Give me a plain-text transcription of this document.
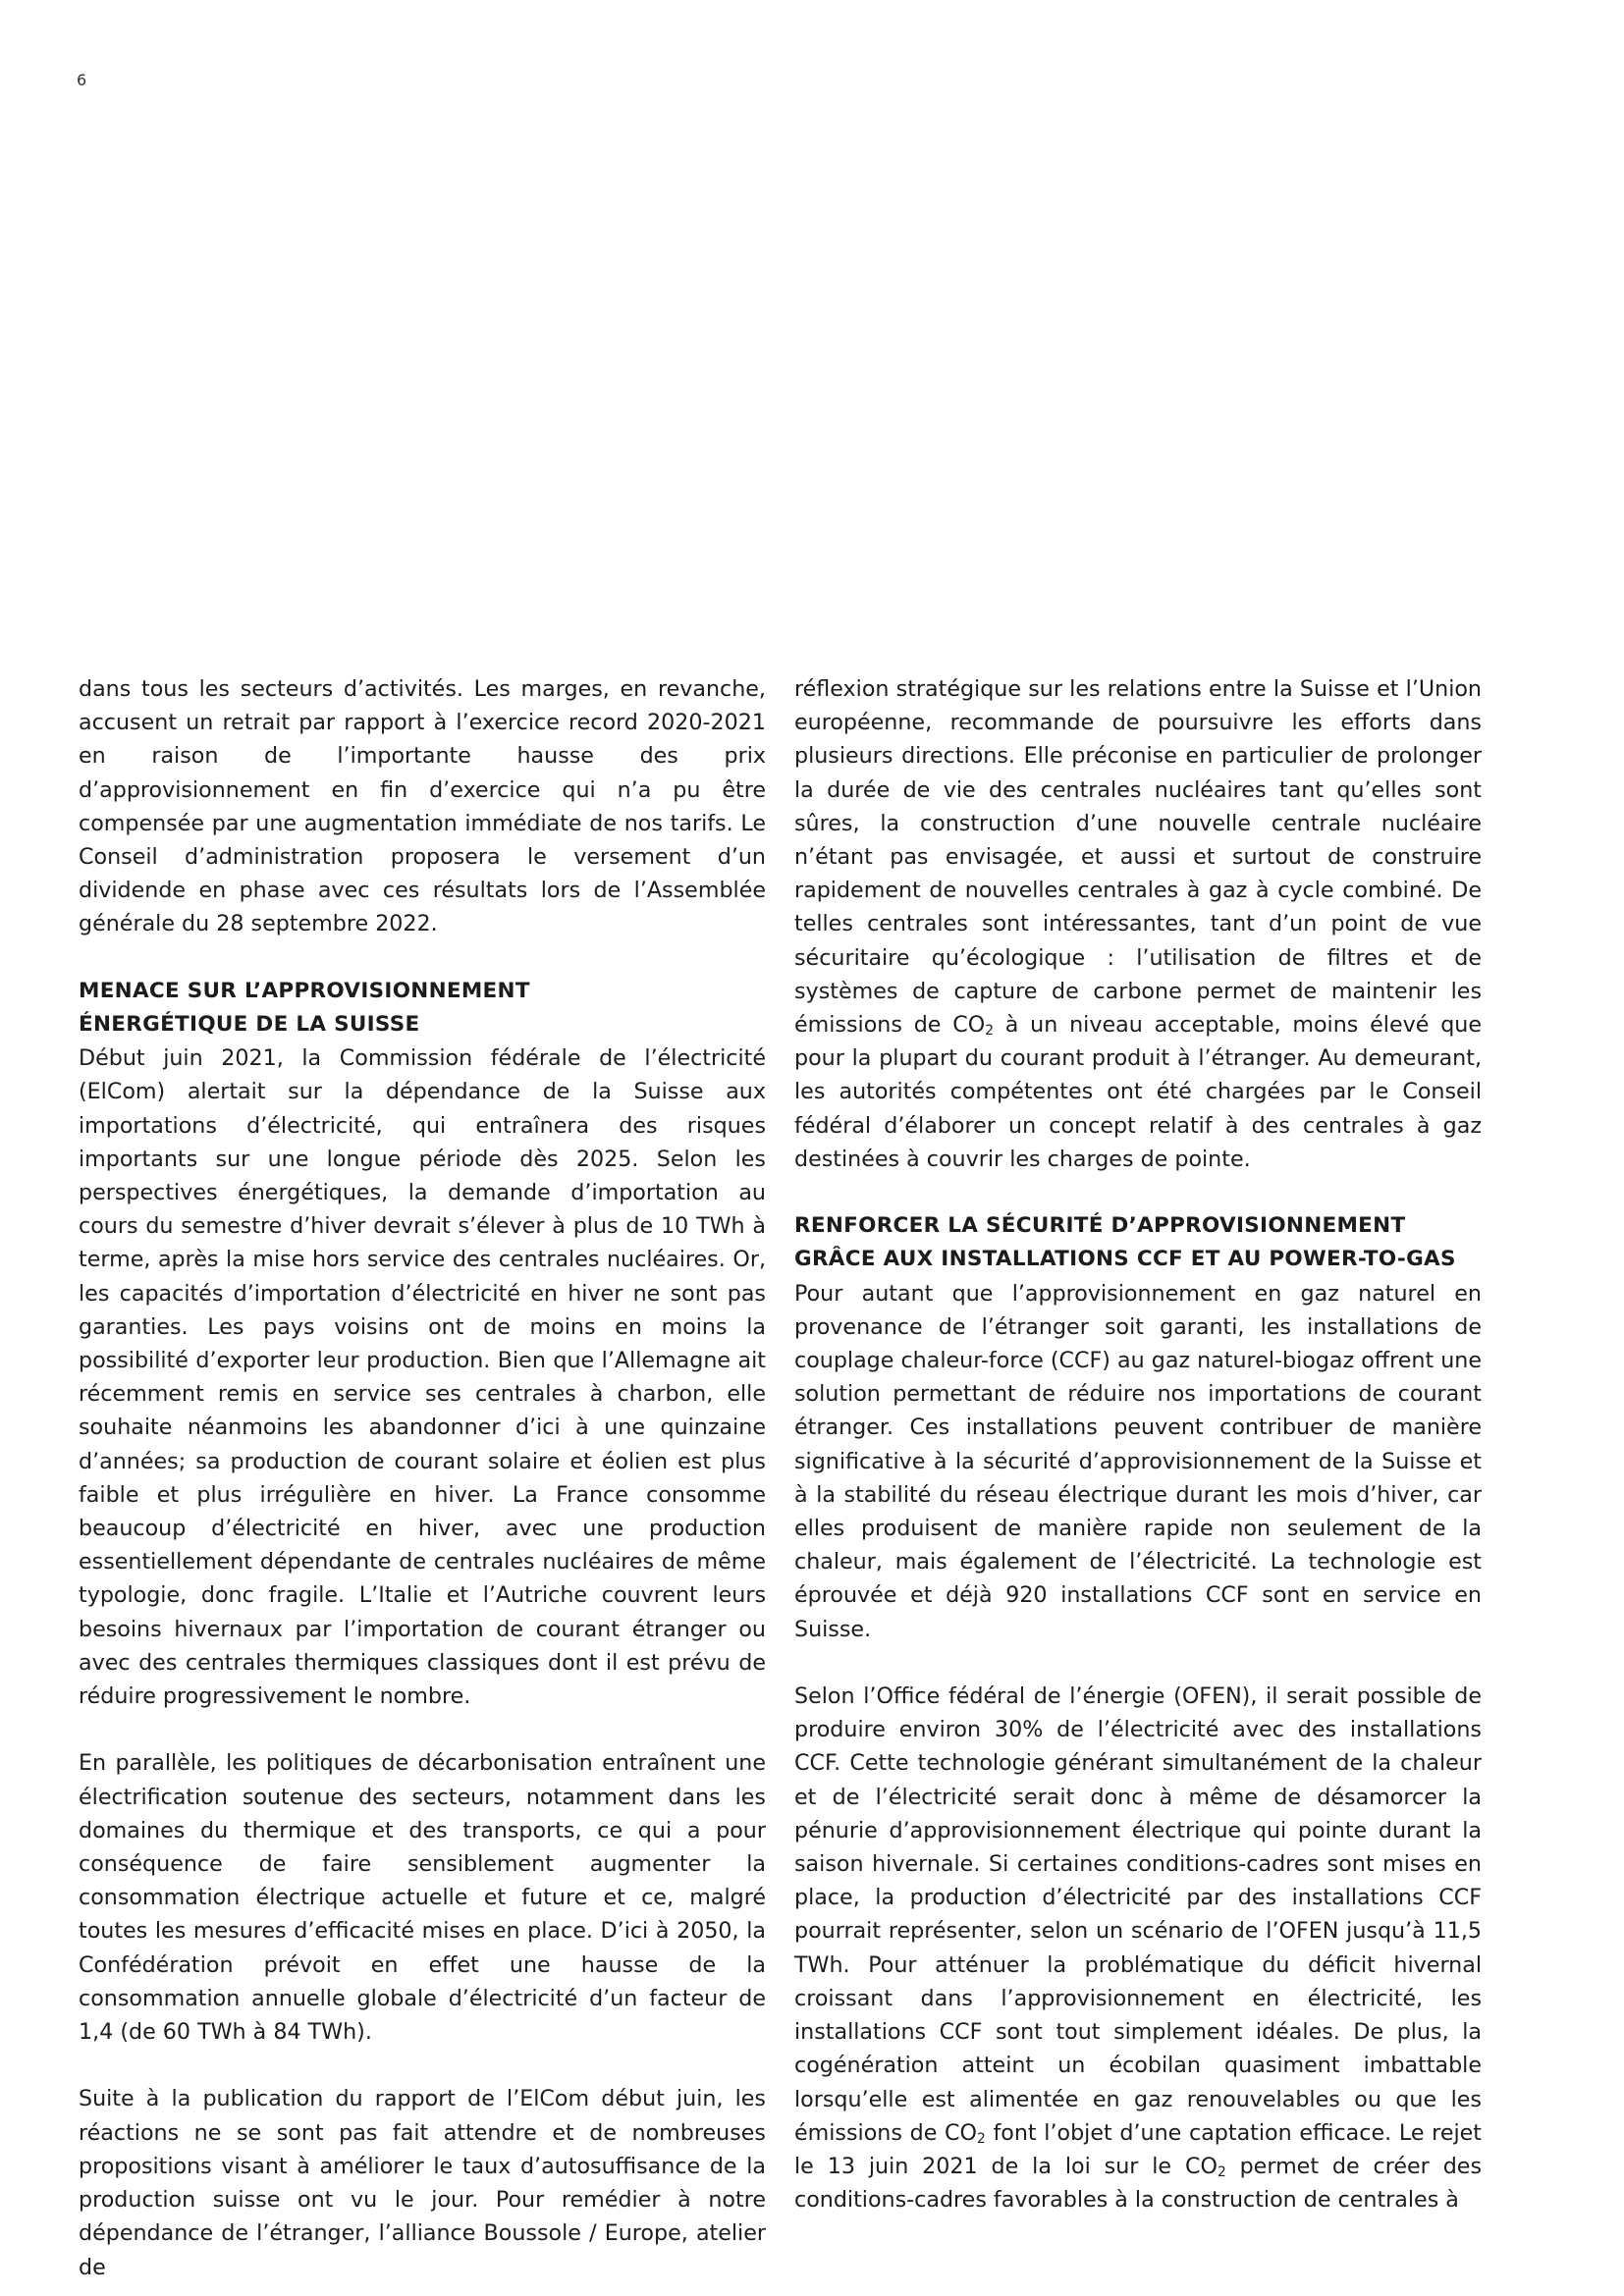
6

dans tous les secteurs d’activités. Les marges, en revanche, accusent un retrait par rapport à l’exercice record 2020-2021 en raison de l’importante hausse des prix d’approvisionnement en fin d’exercice qui n’a pu être compensée par une augmentation immédiate de nos tarifs. Le Conseil d’administration proposera le versement d’un dividende en phase avec ces résultats lors de l’Assemblée générale du 28 septembre 2022.

MENACE SUR L’APPROVISIONNEMENT
ÉNERGÉTIQUE DE LA SUISSE

Début juin 2021, la Commission fédérale de l’électricité (ElCom) alertait sur la dépendance de la Suisse aux importations d’électricité, qui entraînera des risques importants sur une longue période dès 2025. Selon les perspectives énergétiques, la demande d’importation au cours du semestre d’hiver devrait s’élever à plus de 10 TWh à terme, après la mise hors service des centrales nucléaires. Or, les capacités d’importation d’électricité en hiver ne sont pas garanties. Les pays voisins ont de moins en moins la possibilité d’exporter leur production. Bien que l’Allemagne ait récemment remis en service ses centrales à charbon, elle souhaite néanmoins les abandonner d’ici à une quinzaine d’années; sa production de courant solaire et éolien est plus faible et plus irrégulière en hiver. La France consomme beaucoup d’électricité en hiver, avec une production essentiellement dépendante de centrales nucléaires de même typologie, donc fragile. L’Italie et l’Autriche couvrent leurs besoins hivernaux par l’importation de courant étranger ou avec des centrales thermiques classiques dont il est prévu de réduire progressivement le nombre.

En parallèle, les politiques de décarbonisation entraînent une électrification soutenue des secteurs, notamment dans les domaines du thermique et des transports, ce qui a pour conséquence de faire sensiblement augmenter la consommation électrique actuelle et future et ce, malgré toutes les mesures d’efficacité mises en place. D’ici à 2050, la Confédération prévoit en effet une hausse de la consommation annuelle globale d’électricité d’un facteur de 1,4 (de 60 TWh à 84 TWh).

Suite à la publication du rapport de l’ElCom début juin, les réactions ne se sont pas fait attendre et de nombreuses propositions visant à améliorer le taux d’autosuffisance de la production suisse ont vu le jour. Pour remédier à notre dépendance de l’étranger, l’alliance Boussole / Europe, atelier de

réflexion stratégique sur les relations entre la Suisse et l’Union européenne, recommande de poursuivre les efforts dans plusieurs directions. Elle préconise en particulier de prolonger la durée de vie des centrales nucléaires tant qu’elles sont sûres, la construction d’une nouvelle centrale nucléaire n’étant pas envisagée, et aussi et surtout de construire rapidement de nouvelles centrales à gaz à cycle combiné. De telles centrales sont intéressantes, tant d’un point de vue sécuritaire qu’écologique : l’utilisation de filtres et de systèmes de capture de carbone permet de maintenir les émissions de $CO_2$ à un niveau acceptable, moins élevé que pour la plupart du courant produit à l’étranger. Au demeurant, les autorités compétentes ont été chargées par le Conseil fédéral d’élaborer un concept relatif à des centrales à gaz destinées à couvrir les charges de pointe.

RENFORCER LA SÉCURITÉ D’APPROVISIONNEMENT
GRÂCE AUX INSTALLATIONS CCF ET AU POWER-TO-GAS

Pour autant que l’approvisionnement en gaz naturel en provenance de l’étranger soit garanti, les installations de couplage chaleur-force (CCF) au gaz naturel-biogaz offrent une solution permettant de réduire nos importations de courant étranger. Ces installations peuvent contribuer de manière significative à la sécurité d’approvisionnement de la Suisse et à la stabilité du réseau électrique durant les mois d’hiver, car elles produisent de manière rapide non seulement de la chaleur, mais également de l’électricité. La technologie est éprouvée et déjà 920 installations CCF sont en service en Suisse.

Selon l’Office fédéral de l’énergie (OFEN), il serait possible de produire environ 30% de l’électricité avec des installations CCF. Cette technologie générant simultanément de la chaleur et de l’électricité serait donc à même de désamorcer la pénurie d’approvisionnement électrique qui pointe durant la saison hivernale. Si certaines conditions-cadres sont mises en place, la production d’électricité par des installations CCF pourrait représenter, selon un scénario de l’OFEN jusqu’à 11,5 TWh. Pour atténuer la problématique du déficit hivernal croissant dans l’approvisionnement en électricité, les installations CCF sont tout simplement idéales. De plus, la cogénération atteint un écobilan quasiment imbattable lorsqu’elle est alimentée en gaz renouvelables ou que les émissions de $CO_2$ font l’objet d’une captation efficace. Le rejet le 13 juin 2021 de la loi sur le $CO_2$ permet de créer des conditions-cadres favorables à la construction de centrales à
